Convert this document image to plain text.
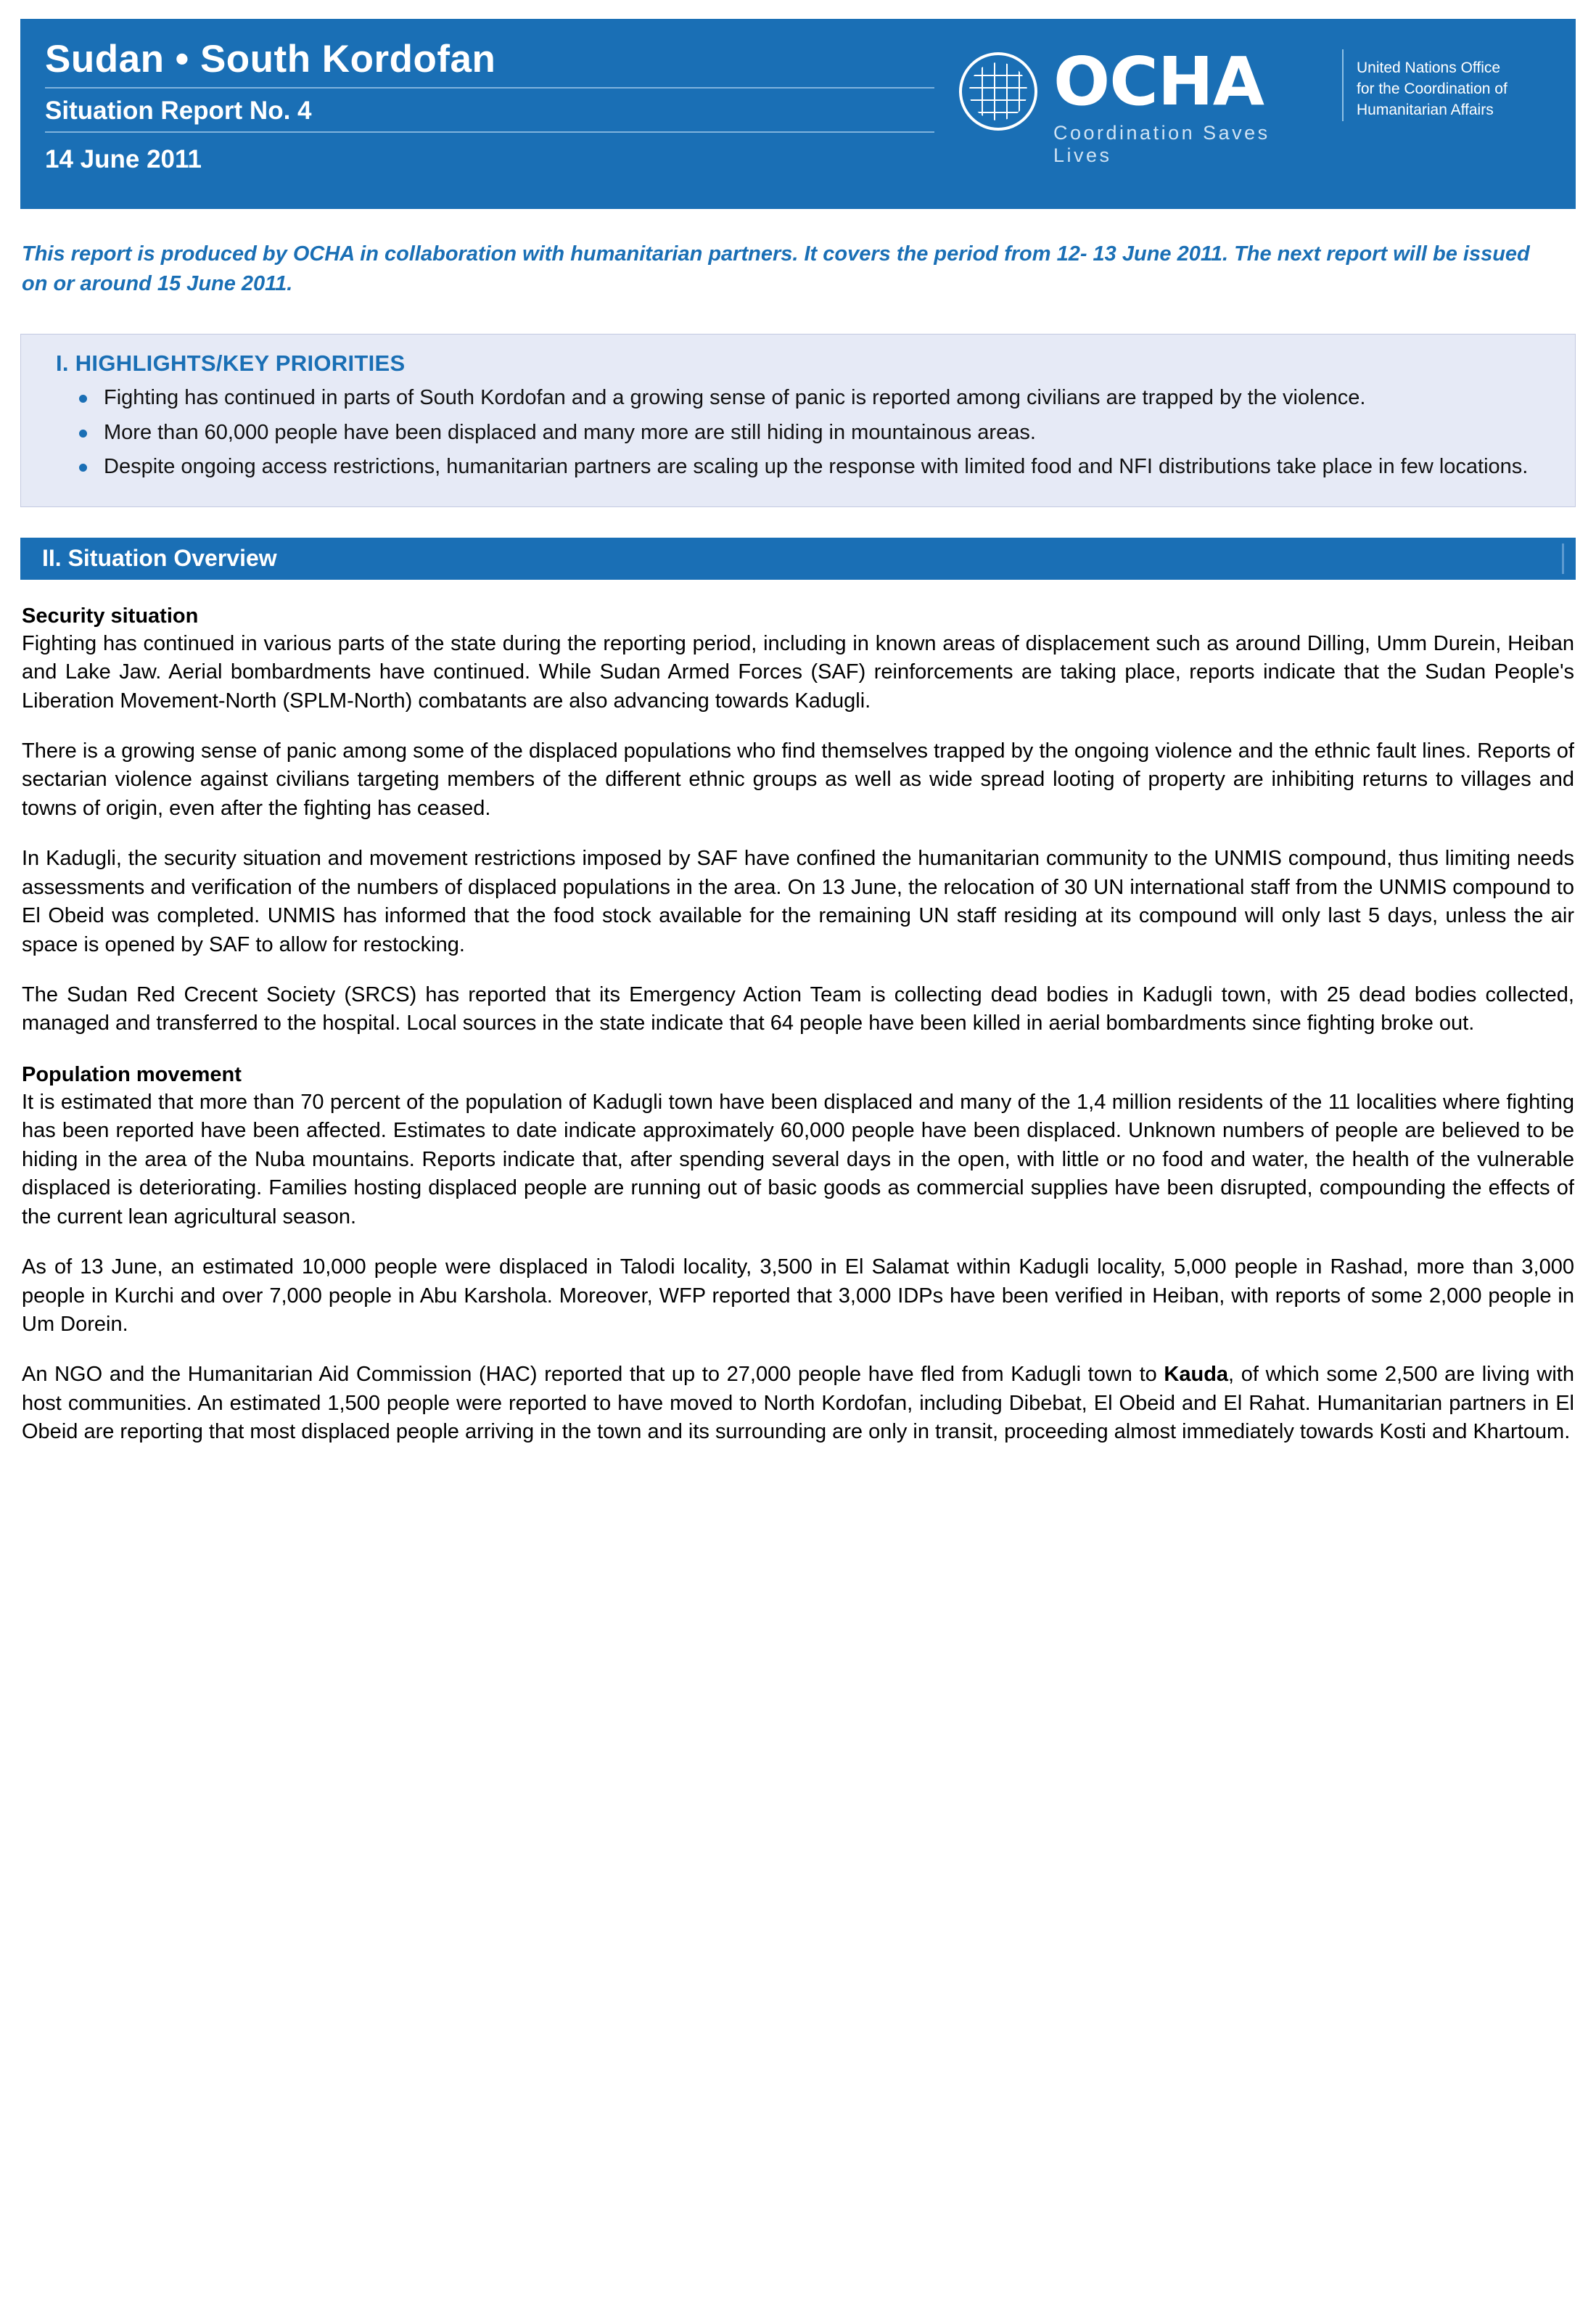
Sudan • South Kordofan
Situation Report No. 4
14 June 2011
OCHA
Coordination Saves Lives
United Nations Office
for the Coordination of
Humanitarian Affairs

This report is produced by OCHA in collaboration with humanitarian partners. It covers the period from 12- 13 June 2011. The next report will be issued on or around 15 June 2011.

I. HIGHLIGHTS/KEY PRIORITIES
Fighting has continued in parts of South Kordofan and a growing sense of panic is reported among civilians are trapped by the violence.
More than 60,000 people have been displaced and many more are still hiding in mountainous areas.
Despite ongoing access restrictions, humanitarian partners are scaling up the response with limited food and NFI distributions take place in few locations.
II. Situation Overview
Security situation

Fighting has continued in various parts of the state during the reporting period, including in known areas of displacement such as around Dilling, Umm Durein, Heiban and Lake Jaw. Aerial bombardments have continued. While Sudan Armed Forces (SAF) reinforcements are taking place, reports indicate that the Sudan People's Liberation Movement-North (SPLM-North) combatants are also advancing towards Kadugli.

There is a growing sense of panic among some of the displaced populations who find themselves trapped by the ongoing violence and the ethnic fault lines. Reports of sectarian violence against civilians targeting members of the different ethnic groups as well as wide spread looting of property are inhibiting returns to villages and towns of origin, even after the fighting has ceased.

In Kadugli, the security situation and movement restrictions imposed by SAF have confined the humanitarian community to the UNMIS compound, thus limiting needs assessments and verification of the numbers of displaced populations in the area. On 13 June, the relocation of 30 UN international staff from the UNMIS compound to El Obeid was completed. UNMIS has informed that the food stock available for the remaining UN staff residing at its compound will only last 5 days, unless the air space is opened by SAF to allow for restocking.

The Sudan Red Crecent Society (SRCS) has reported that its Emergency Action Team is collecting dead bodies in Kadugli town, with 25 dead bodies collected, managed and transferred to the hospital. Local sources in the state indicate that 64 people have been killed in aerial bombardments since fighting broke out.

Population movement

It is estimated that more than 70 percent of the population of Kadugli town have been displaced and many of the 1,4 million residents of the 11 localities where fighting has been reported have been affected. Estimates to date indicate approximately 60,000 people have been displaced. Unknown numbers of people are believed to be hiding in the area of the Nuba mountains. Reports indicate that, after spending several days in the open, with little or no food and water, the health of the vulnerable displaced is deteriorating. Families hosting displaced people are running out of basic goods as commercial supplies have been disrupted, compounding the effects of the current lean agricultural season.

As of 13 June, an estimated 10,000 people were displaced in Talodi locality, 3,500 in El Salamat within Kadugli locality, 5,000 people in Rashad, more than 3,000 people in Kurchi and over 7,000 people in Abu Karshola. Moreover, WFP reported that 3,000 IDPs have been verified in Heiban, with reports of some 2,000 people in Um Dorein.

An NGO and the Humanitarian Aid Commission (HAC) reported that up to 27,000 people have fled from Kadugli town to Kauda, of which some 2,500 are living with host communities. An estimated 1,500 people were reported to have moved to North Kordofan, including Dibebat, El Obeid and El Rahat. Humanitarian partners in El Obeid are reporting that most displaced people arriving in the town and its surrounding are only in transit, proceeding almost immediately towards Kosti and Khartoum.
